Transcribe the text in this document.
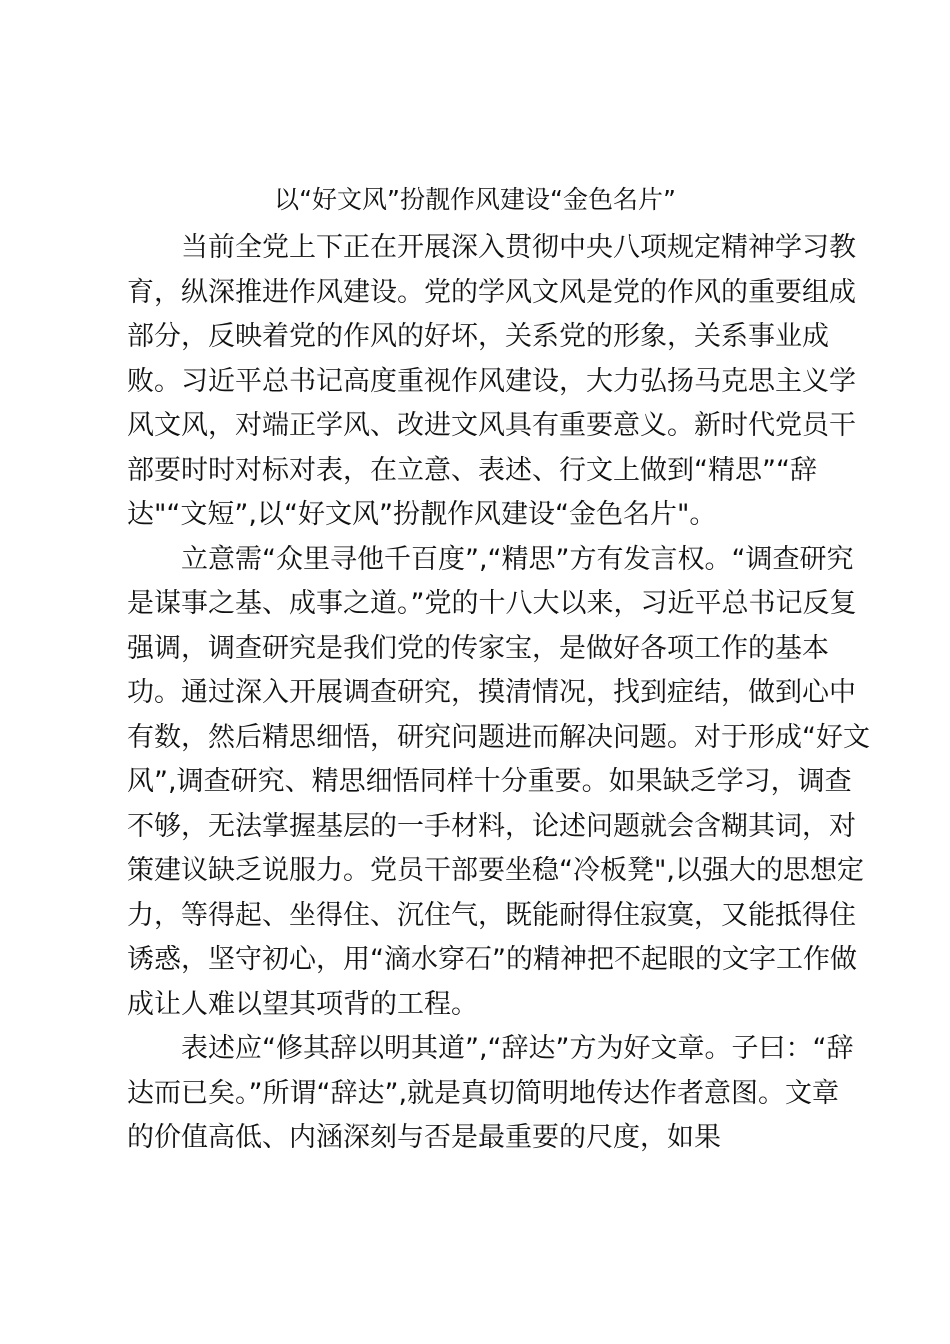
以“好文风”扮靓作风建设“金色名片”

当前全党上下正在开展深入贯彻中央八项规定精神学习教
育，纵深推进作风建设。党的学风文风是党的作风的重要组成
部分，反映着党的作风的好坏，关系党的形象，关系事业成
败。习近平总书记高度重视作风建设，大力弘扬马克思主义学
风文风，对端正学风、改进文风具有重要意义。新时代党员干
部要时时对标对表，在立意、表述、行文上做到“精思”“辞
达"“文短”,以“好文风”扮靓作风建设“金色名片"。

立意需“众里寻他千百度”,“精思”方有发言权。“调查研究
是谋事之基、成事之道。”党的十八大以来，习近平总书记反复
强调，调查研究是我们党的传家宝，是做好各项工作的基本
功。通过深入开展调查研究，摸清情况，找到症结，做到心中
有数，然后精思细悟，研究问题进而解决问题。对于形成“好文
风”,调查研究、精思细悟同样十分重要。如果缺乏学习，调查
不够，无法掌握基层的一手材料，论述问题就会含糊其词，对
策建议缺乏说服力。党员干部要坐稳“冷板凳",以强大的思想定
力，等得起、坐得住、沉住气，既能耐得住寂寞，又能抵得住
诱惑，坚守初心，用“滴水穿石”的精神把不起眼的文字工作做
成让人难以望其项背的工程。

表述应“修其辞以明其道”,“辞达”方为好文章。子曰：“辞
达而已矣。”所谓“辞达”,就是真切简明地传达作者意图。文章
的价值高低、内涵深刻与否是最重要的尺度，如果
